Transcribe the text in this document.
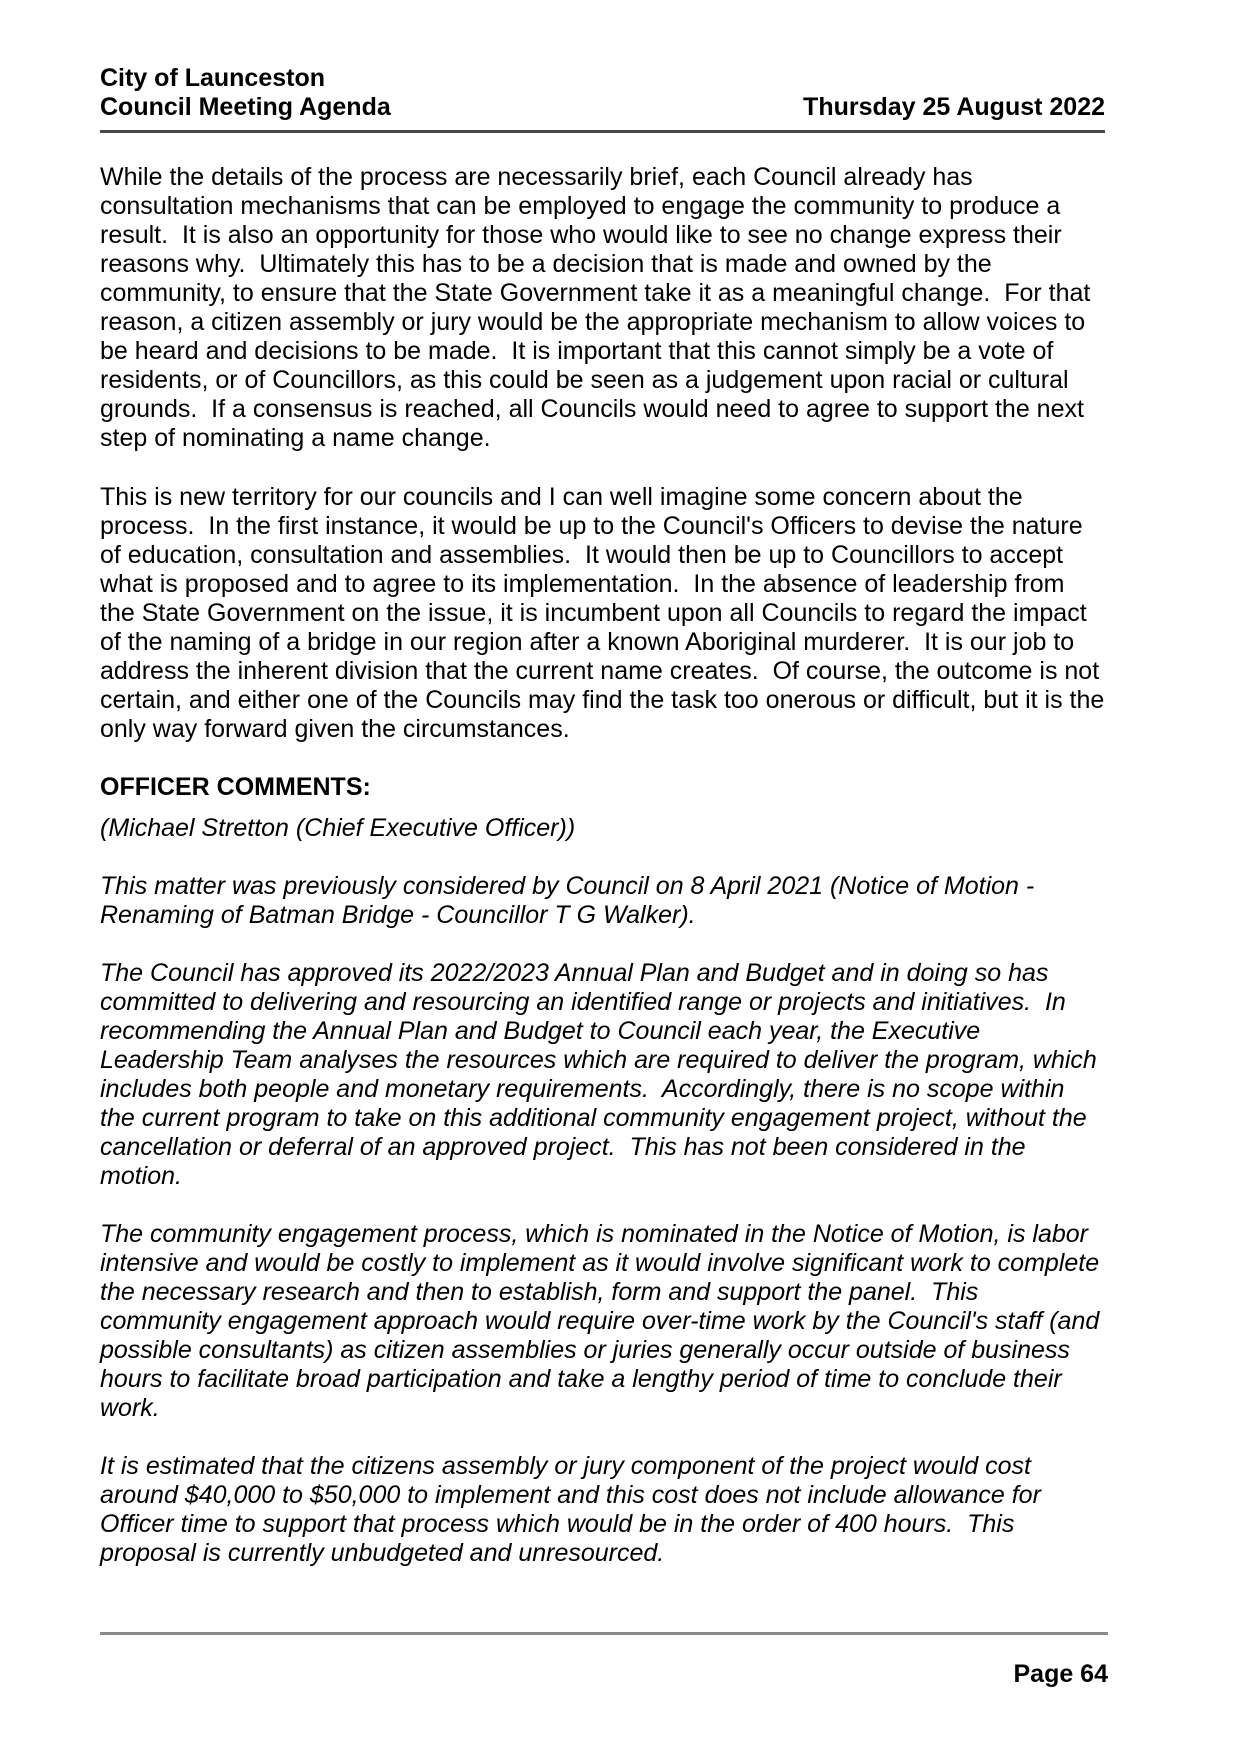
City of Launceston
Council Meeting Agenda	Thursday 25 August 2022

While the details of the process are necessarily brief, each Council already has consultation mechanisms that can be employed to engage the community to produce a result.  It is also an opportunity for those who would like to see no change express their reasons why.  Ultimately this has to be a decision that is made and owned by the community, to ensure that the State Government take it as a meaningful change.  For that reason, a citizen assembly or jury would be the appropriate mechanism to allow voices to be heard and decisions to be made.  It is important that this cannot simply be a vote of residents, or of Councillors, as this could be seen as a judgement upon racial or cultural grounds.  If a consensus is reached, all Councils would need to agree to support the next step of nominating a name change.

This is new territory for our councils and I can well imagine some concern about the process.  In the first instance, it would be up to the Council's Officers to devise the nature of education, consultation and assemblies.  It would then be up to Councillors to accept what is proposed and to agree to its implementation.  In the absence of leadership from the State Government on the issue, it is incumbent upon all Councils to regard the impact of the naming of a bridge in our region after a known Aboriginal murderer.  It is our job to address the inherent division that the current name creates.  Of course, the outcome is not certain, and either one of the Councils may find the task too onerous or difficult, but it is the only way forward given the circumstances.

OFFICER COMMENTS:

(Michael Stretton (Chief Executive Officer))

This matter was previously considered by Council on 8 April 2021 (Notice of Motion - Renaming of Batman Bridge - Councillor T G Walker).

The Council has approved its 2022/2023 Annual Plan and Budget and in doing so has committed to delivering and resourcing an identified range or projects and initiatives.  In recommending the Annual Plan and Budget to Council each year, the Executive Leadership Team analyses the resources which are required to deliver the program, which includes both people and monetary requirements.  Accordingly, there is no scope within the current program to take on this additional community engagement project, without the cancellation or deferral of an approved project.  This has not been considered in the motion.

The community engagement process, which is nominated in the Notice of Motion, is labor intensive and would be costly to implement as it would involve significant work to complete the necessary research and then to establish, form and support the panel.  This community engagement approach would require over-time work by the Council's staff (and possible consultants) as citizen assemblies or juries generally occur outside of business hours to facilitate broad participation and take a lengthy period of time to conclude their work.

It is estimated that the citizens assembly or jury component of the project would cost around $40,000 to $50,000 to implement and this cost does not include allowance for Officer time to support that process which would be in the order of 400 hours.  This proposal is currently unbudgeted and unresourced.

Page 64
